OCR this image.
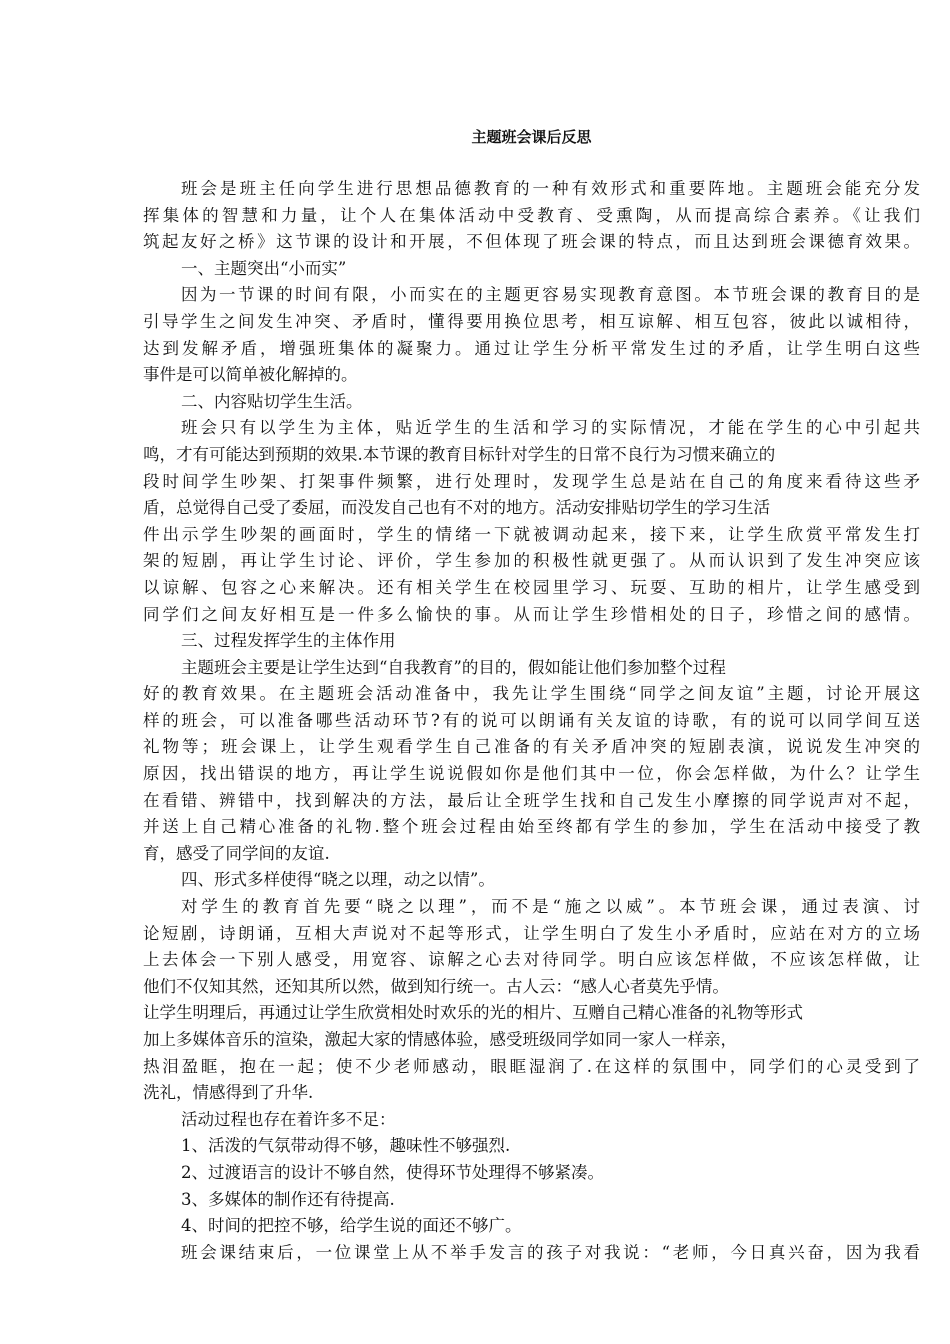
主题班会课后反思

班会是班主任向学生进行思想品德教育的一种有效形式和重要阵地。主题班会能充分发

挥集体的智慧和力量，让个人在集体活动中受教育、受熏陶，从而提高综合素养。《让我们

筑起友好之桥》这节课的设计和开展，不但体现了班会课的特点，而且达到班会课德育效果。

一、主题突出“小而实”

因为一节课的时间有限，小而实在的主题更容易实现教育意图。本节班会课的教育目的是

引导学生之间发生冲突、矛盾时，懂得要用换位思考，相互谅解、相互包容，彼此以诚相待，

达到发解矛盾，增强班集体的凝聚力。通过让学生分析平常发生过的矛盾，让学生明白这些

事件是可以简单被化解掉的。

二、内容贴切学生生活。

班会只有以学生为主体，贴近学生的生活和学习的实际情况，才能在学生的心中引起共

鸣，才有可能达到预期的效果.本节课的教育目标针对学生的日常不良行为习惯来确立的

段时间学生吵架、打架事件频繁，进行处理时，发现学生总是站在自己的角度来看待这些矛

盾，总觉得自己受了委屈，而没发自己也有不对的地方。活动安排贴切学生的学习生活

件出示学生吵架的画面时，学生的情绪一下就被调动起来，接下来，让学生欣赏平常发生打

架的短剧，再让学生讨论、评价，学生参加的积极性就更强了。从而认识到了发生冲突应该

以谅解、包容之心来解决。还有相关学生在校园里学习、玩耍、互助的相片，让学生感受到

同学们之间友好相互是一件多么愉快的事。从而让学生珍惜相处的日子，珍惜之间的感情。

三、过程发挥学生的主体作用

主题班会主要是让学生达到“自我教育”的目的，假如能让他们参加整个过程

好的教育效果。在主题班会活动准备中，我先让学生围绕“同学之间友谊”主题，讨论开展这

样的班会，可以准备哪些活动环节?有的说可以朗诵有关友谊的诗歌，有的说可以同学间互送

礼物等；班会课上，让学生观看学生自己准备的有关矛盾冲突的短剧表演，说说发生冲突的

原因，找出错误的地方，再让学生说说假如你是他们其中一位，你会怎样做，为什么？让学生

在看错、辨错中，找到解决的方法，最后让全班学生找和自己发生小摩擦的同学说声对不起，

并送上自己精心准备的礼物.整个班会过程由始至终都有学生的参加，学生在活动中接受了教

育，感受了同学间的友谊.

四、形式多样使得“晓之以理，动之以情”。

对学生的教育首先要“晓之以理”，而不是“施之以威”。本节班会课，通过表演、讨

论短剧，诗朗诵，互相大声说对不起等形式，让学生明白了发生小矛盾时，应站在对方的立场

上去体会一下别人感受，用宽容、谅解之心去对待同学。明白应该怎样做，不应该怎样做，让

他们不仅知其然，还知其所以然，做到知行统一。古人云：“感人心者莫先乎情。

让学生明理后，再通过让学生欣赏相处时欢乐的光的相片、互赠自己精心准备的礼物等形式

加上多媒体音乐的渲染，激起大家的情感体验，感受班级同学如同一家人一样亲，

热泪盈眶，抱在一起；使不少老师感动，眼眶湿润了.在这样的氛围中，同学们的心灵受到了

洗礼，情感得到了升华.

活动过程也存在着许多不足：

1、活泼的气氛带动得不够，趣味性不够强烈.

2、过渡语言的设计不够自然，使得环节处理得不够紧凑。

3、多媒体的制作还有待提高.

4、时间的把控不够，给学生说的面还不够广。

班会课结束后，一位课堂上从不举手发言的孩子对我说：“老师，今日真兴奋，因为我看
